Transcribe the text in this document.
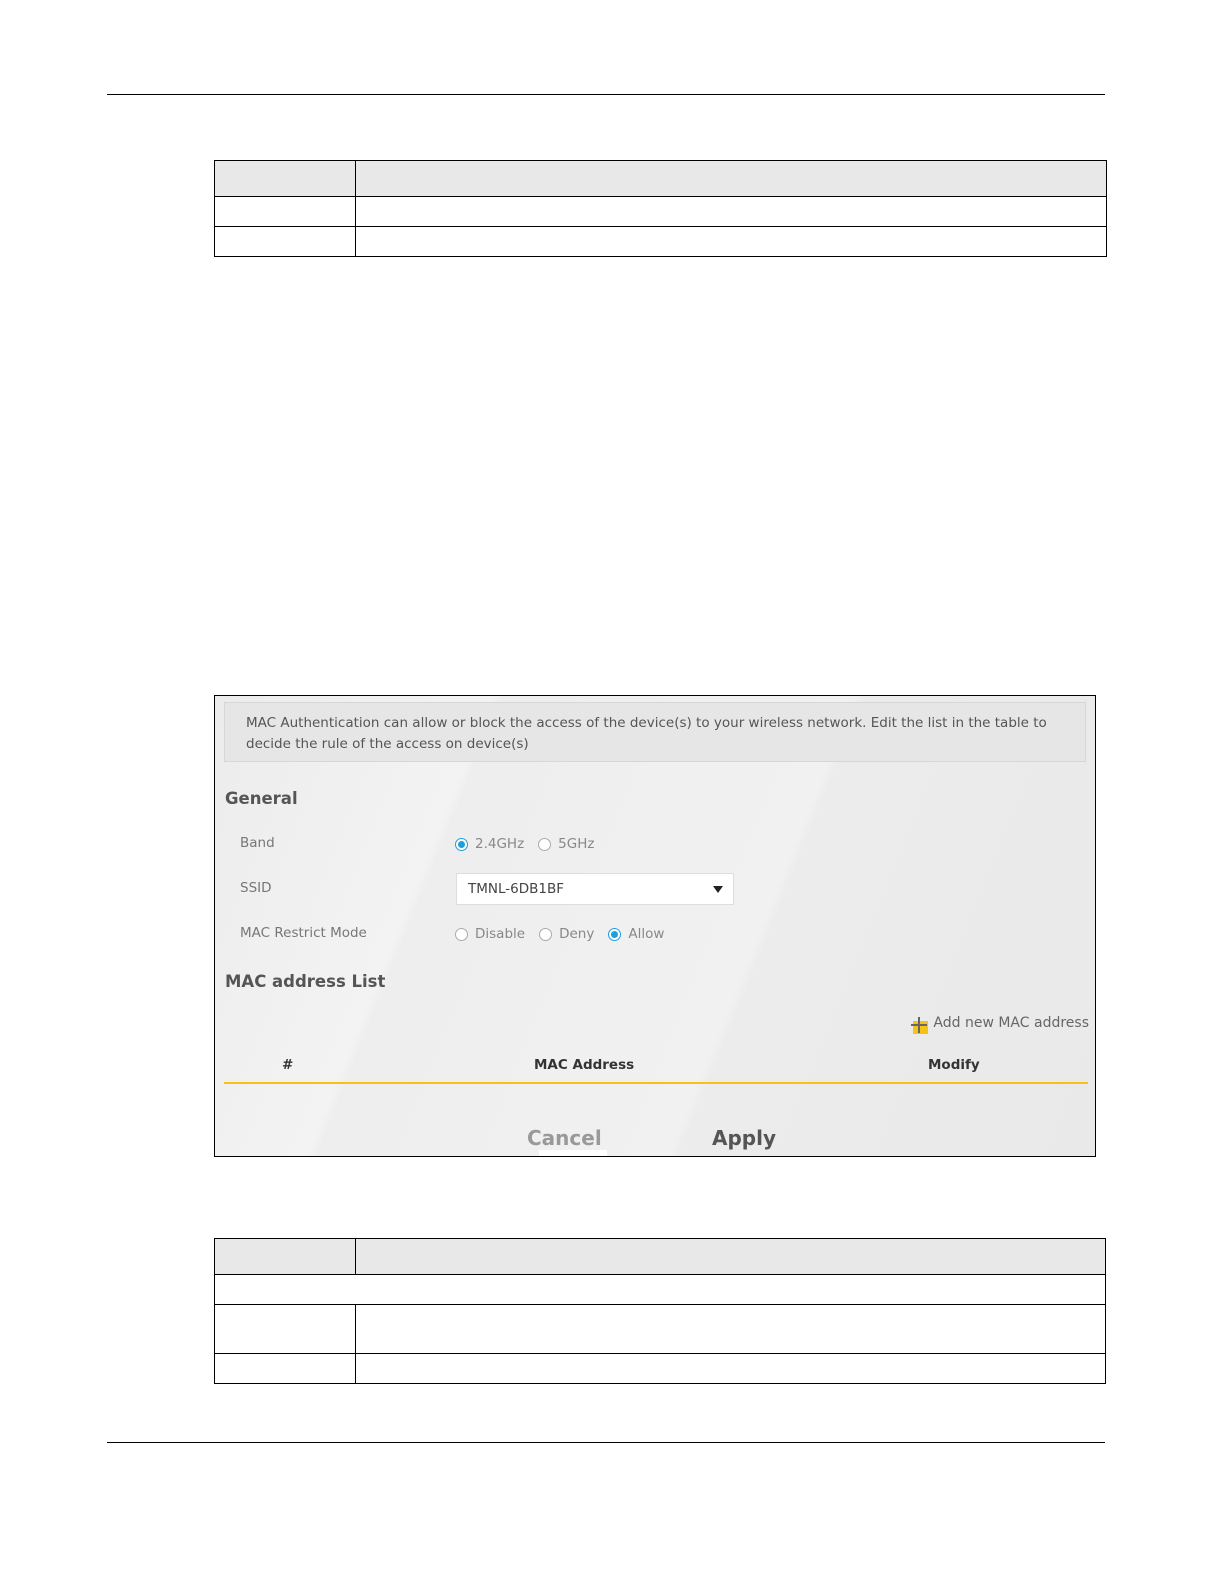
MAC Authentication can allow or block the access of the device(s) to your wireless network. Edit the list in the table to decide the rule of the access on device(s)
General
Band	2.4GHz	5GHz
SSID	TMNL-6DB1BF
MAC Restrict Mode	Disable	Deny	Allow
MAC address List
Add new MAC address
#	MAC Address	Modify
Cancel	Apply
